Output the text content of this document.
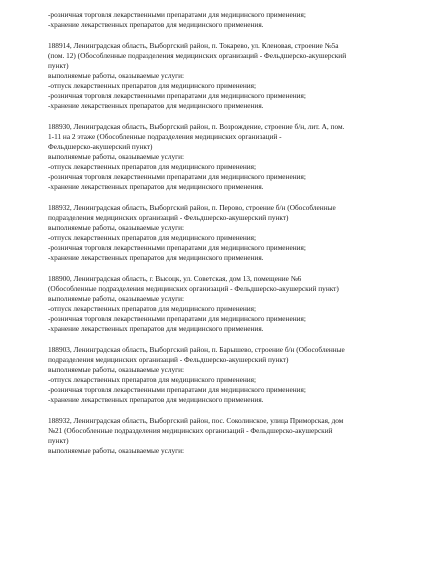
-розничная торговля лекарственными препаратами для медицинского применения;
-хранение лекарственных препаратов для медицинского применения.
188914, Ленинградская область, Выборгский район, п. Токарево, ул. Кленовая, строение №5а
(пом. 12) (Обособленные подразделения медицинских организаций - Фельдшерско-акушерский
пункт)
выполняемые работы, оказываемые услуги:
-отпуск лекарственных препаратов для медицинского применения;
-розничная торговля лекарственными препаратами для медицинского применения;
-хранение лекарственных препаратов для медицинского применения.
188930, Ленинградская область, Выборгский район, п. Возрождение, строение б/н, лит. А, пом.
1-11 на 2 этаже (Обособленные подразделения медицинских организаций -
Фельдшерско-акушерский пункт)
выполняемые работы, оказываемые услуги:
-отпуск лекарственных препаратов для медицинского применения;
-розничная торговля лекарственными препаратами для медицинского применения;
-хранение лекарственных препаратов для медицинского применения.
188932, Ленинградская область, Выборгский район, п. Перово, строение б/н (Обособленные
подразделения медицинских организаций - Фельдшерско-акушерский пункт)
выполняемые работы, оказываемые услуги:
-отпуск лекарственных препаратов для медицинского применения;
-розничная торговля лекарственными препаратами для медицинского применения;
-хранение лекарственных препаратов для медицинского применения.
188900, Ленинградская область, г. Высоцк, ул. Советская, дом 13, помещение №6
(Обособленные подразделения медицинских организаций - Фельдшерско-акушерский пункт)
выполняемые работы, оказываемые услуги:
-отпуск лекарственных препаратов для медицинского применения;
-розничная торговля лекарственными препаратами для медицинского применения;
-хранение лекарственных препаратов для медицинского применения.
188903, Ленинградская область, Выборгский район, п. Барышево, строение б/н (Обособленные
подразделения медицинских организаций - Фельдшерско-акушерский пункт)
выполняемые работы, оказываемые услуги:
-отпуск лекарственных препаратов для медицинского применения;
-розничная торговля лекарственными препаратами для медицинского применения;
-хранение лекарственных препаратов для медицинского применения.
188932, Ленинградская область, Выборгский район, пос. Соколинское, улица Приморская, дом
№21 (Обособленные подразделения медицинских организаций - Фельдшерско-акушерский
пункт)
выполняемые работы, оказываемые услуги:
